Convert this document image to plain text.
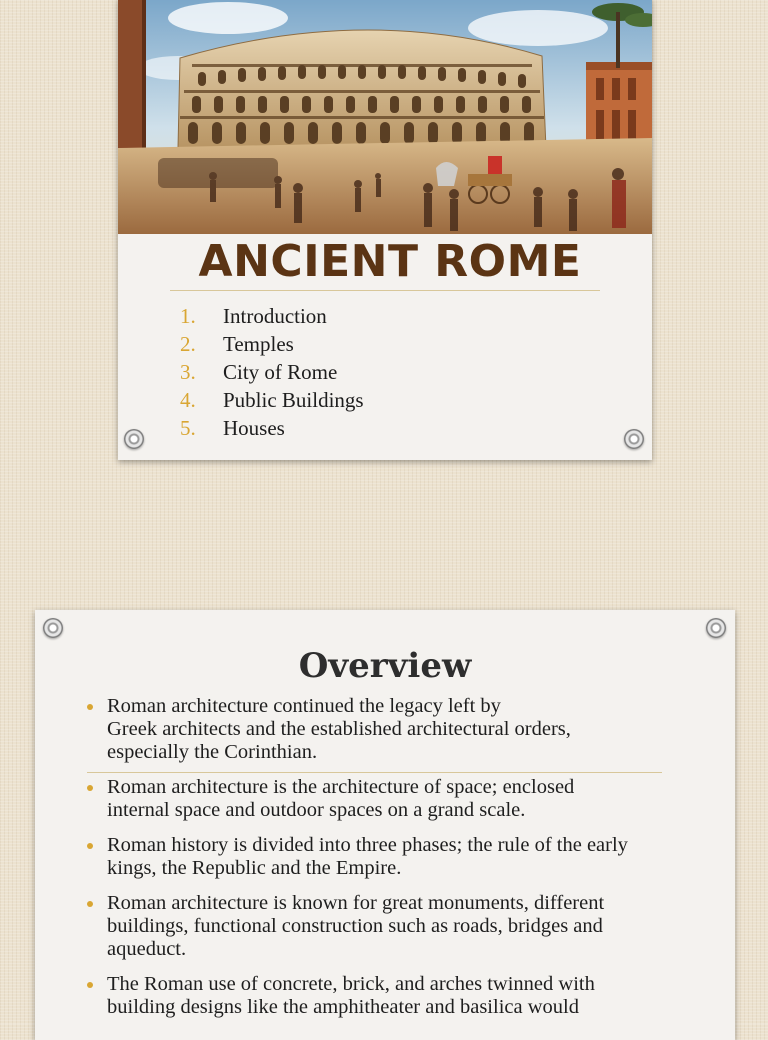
ANCIENT ROME
1. Introduction
2. Temples
3. City of Rome
4. Public Buildings
5. Houses
Overview
Roman architecture continued the legacy left by
Greek architects and the established architectural orders,
especially the Corinthian.
Roman architecture is the architecture of space; enclosed
internal space and outdoor spaces on a grand scale.
Roman history is divided into three phases; the rule of the early
kings, the Republic and the Empire.
Roman architecture is known for great monuments, different
buildings, functional construction such as roads, bridges and
aqueduct.
The Roman use of concrete, brick, and arches twinned with
building designs like the amphitheater and basilica would
